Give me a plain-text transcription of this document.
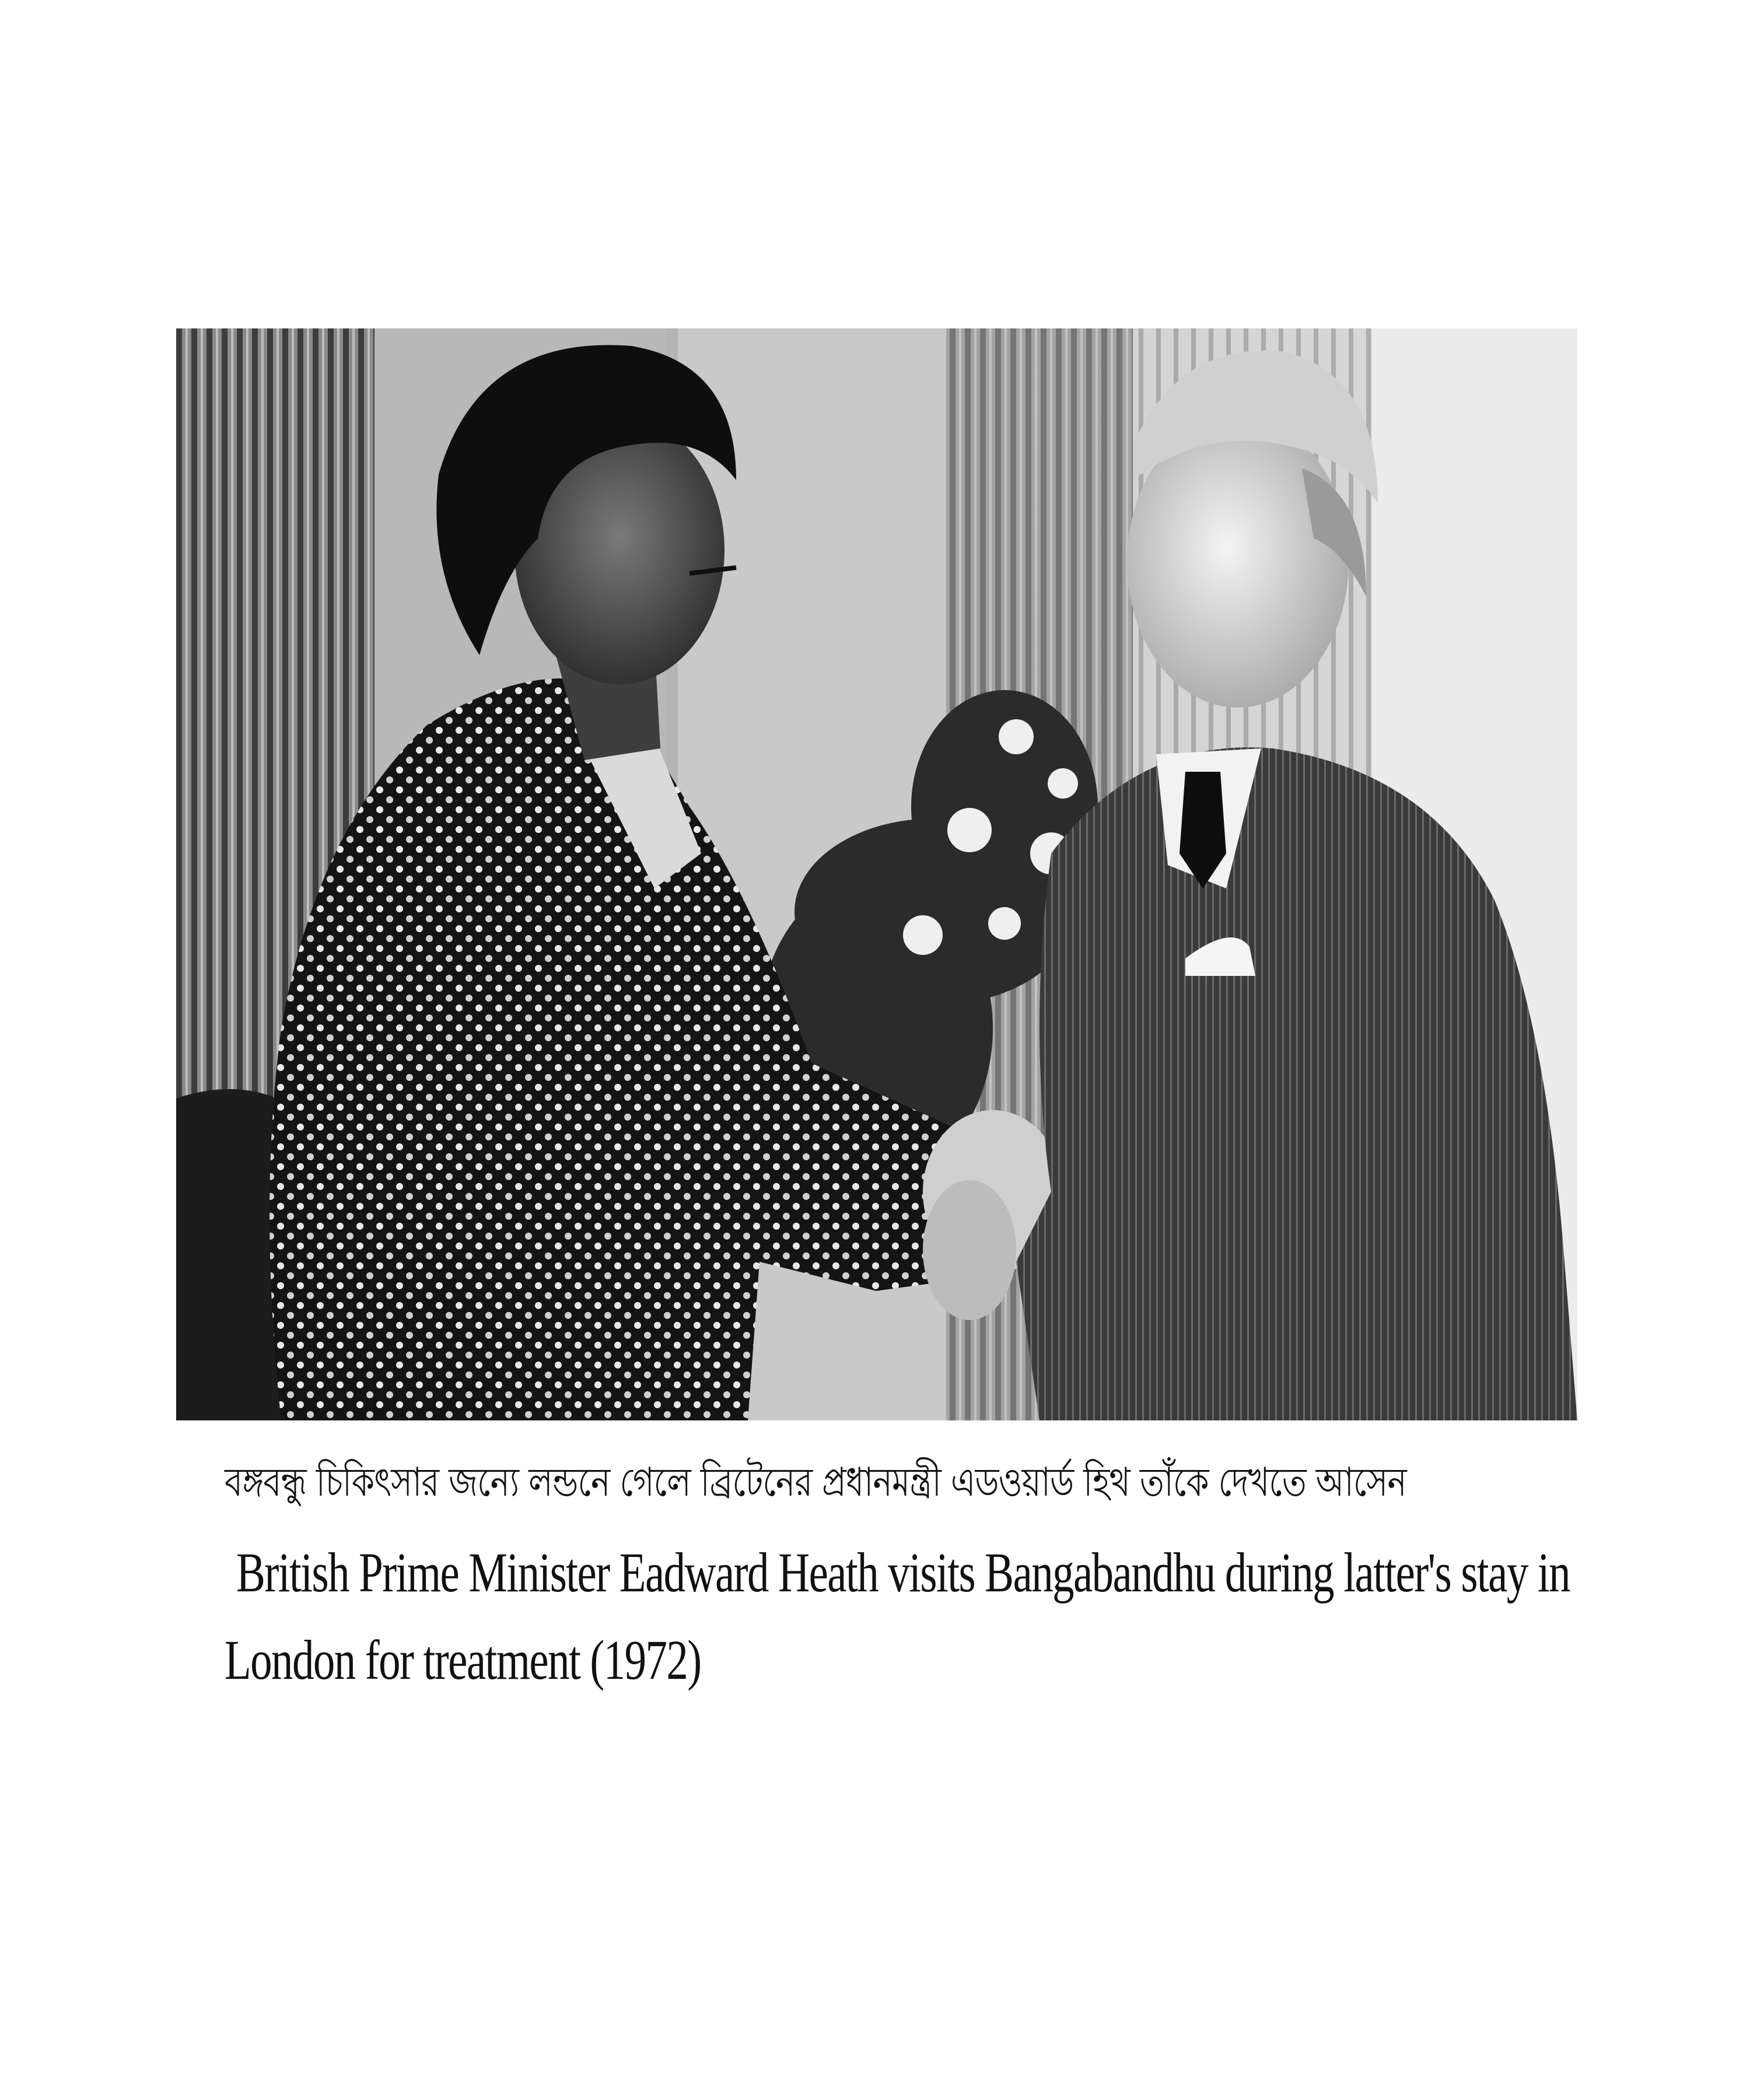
বঙ্গবন্ধু চিকিৎসার জন্যে লন্ডনে গেলে ব্রিটেনের প্রধানমন্ত্রী এডওয়ার্ড হিথ তাঁকে দেখতে আসেন
British Prime Minister Eadward Heath visits Bangabandhu during latter's stay in
London for treatment (1972)
